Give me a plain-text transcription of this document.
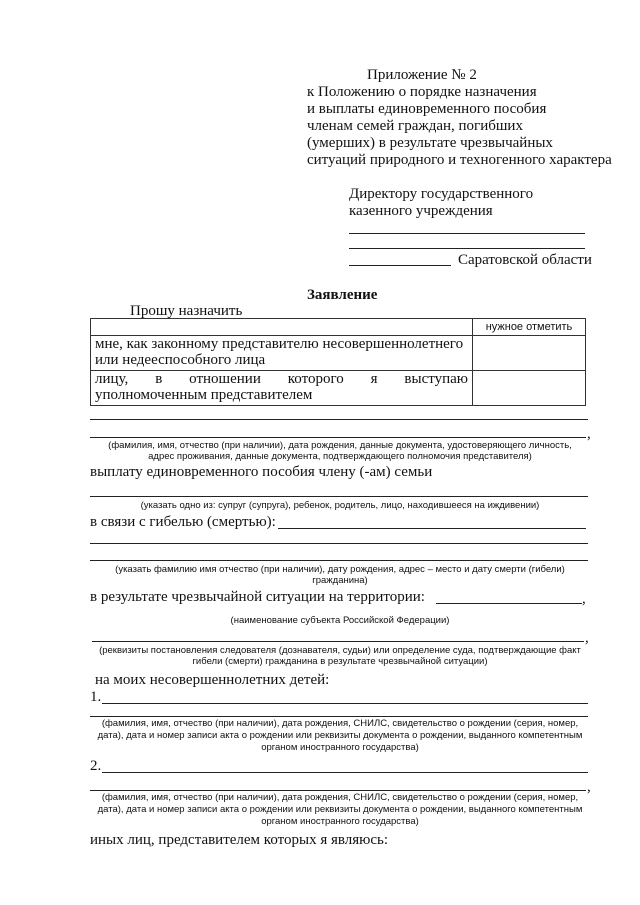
Приложение № 2
к Положению о порядке назначения
и выплаты единовременного пособия
членам семей граждан, погибших
(умерших) в результате чрезвычайных
ситуаций природного и техногенного характера
Директору государственного
казенного учреждения
Саратовской области
Заявление
Прошу назначить
	нужное отметить

мне, как законному представителю несовершеннолетнего
или недееспособного лица	

лицу, в отношении которого я выступаю
уполномоченным представителем	

,
(фамилия, имя, отчество (при наличии), дата рождения, данные документа, удостоверяющего личность,
адрес проживания, данные документа, подтверждающего полномочия представителя)
выплату единовременного пособия члену (-ам) семьи
(указать одно из: супруг (супруга), ребенок, родитель, лицо, находившееся на иждивении)
в связи с гибелью (смертью):
(указать фамилию имя отчество (при наличии), дату рождения, адрес – место и дату смерти (гибели)
гражданина)
в результате чрезвычайной ситуации на территории:	,
(наименование субъекта Российской Федерации)
,
(реквизиты постановления следователя (дознавателя, судьи) или определение суда, подтверждающие факт
гибели (смерти) гражданина в результате чрезвычайной ситуации)
на моих несовершеннолетних детей:
1.
(фамилия, имя, отчество (при наличии), дата рождения, СНИЛС, свидетельство о рождении (серия, номер,
дата), дата и номер записи акта о рождении или реквизиты документа о рождении, выданного компетентным
органом иностранного государства)
2.
,
(фамилия, имя, отчество (при наличии), дата рождения, СНИЛС, свидетельство о рождении (серия, номер,
дата), дата и номер записи акта о рождении или реквизиты документа о рождении, выданного компетентным
органом иностранного государства)
иных лиц, представителем которых я являюсь:
